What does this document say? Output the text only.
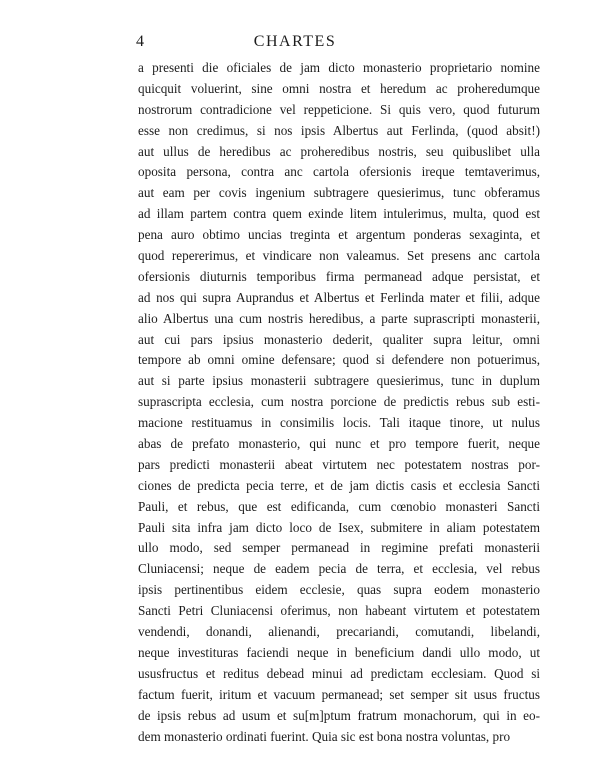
4	CHARTES
a presenti die oficiales de jam dicto monasterio proprietario nomine
quicquit voluerint, sine omni nostra et heredum ac proheredumque
nostrorum contradicione vel reppeticione. Si quis vero, quod futurum
esse non credimus, si nos ipsis Albertus aut Ferlinda, (quod absit!)
aut ullus de heredibus ac proheredibus nostris, seu quibuslibet ulla
oposita persona, contra anc cartola ofersionis ireque temtaverimus,
aut eam per covis ingenium subtragere quesierimus, tunc obferamus
ad illam partem contra quem exinde litem intulerimus, multa, quod est
pena auro obtimo uncias treginta et argentum ponderas sexaginta, et
quod repererimus, et vindicare non valeamus. Set presens anc cartola
ofersionis diuturnis temporibus firma permanead adque persistat, et
ad nos qui supra Auprandus et Albertus et Ferlinda mater et filii, adque
alio Albertus una cum nostris heredibus, a parte suprascripti monasterii,
aut cui pars ipsius monasterio dederit, qualiter supra leitur, omni
tempore ab omni omine defensare; quod si defendere non potuerimus,
aut si parte ipsius monasterii subtragere quesierimus, tunc in duplum
suprascripta ecclesia, cum nostra porcione de predictis rebus sub esti-
macione restituamus in consimilis locis. Tali itaque tinore, ut nulus
abas de prefato monasterio, qui nunc et pro tempore fuerit, neque
pars predicti monasterii abeat virtutem nec potestatem nostras por-
ciones de predicta pecia terre, et de jam dictis casis et ecclesia Sancti
Pauli, et rebus, que est edificanda, cum cœnobio monasteri Sancti
Pauli sita infra jam dicto loco de Isex, submitere in aliam potestatem
ullo modo, sed semper permanead in regimine prefati monasterii
Cluniacensi; neque de eadem pecia de terra, et ecclesia, vel rebus
ipsis pertinentibus eidem ecclesie, quas supra eodem monasterio
Sancti Petri Cluniacensi oferimus, non habeant virtutem et potestatem
vendendi, donandi, alienandi, precariandi, comutandi, libelandi,
neque investituras faciendi neque in beneficium dandi ullo modo, ut
ususfructus et reditus debead minui ad predictam ecclesiam. Quod si
factum fuerit, iritum et vacuum permanead; set semper sit usus fructus
de ipsis rebus ad usum et su[m]ptum fratrum monachorum, qui in eo-
dem monasterio ordinati fuerint. Quia sic est bona nostra voluntas, pro
